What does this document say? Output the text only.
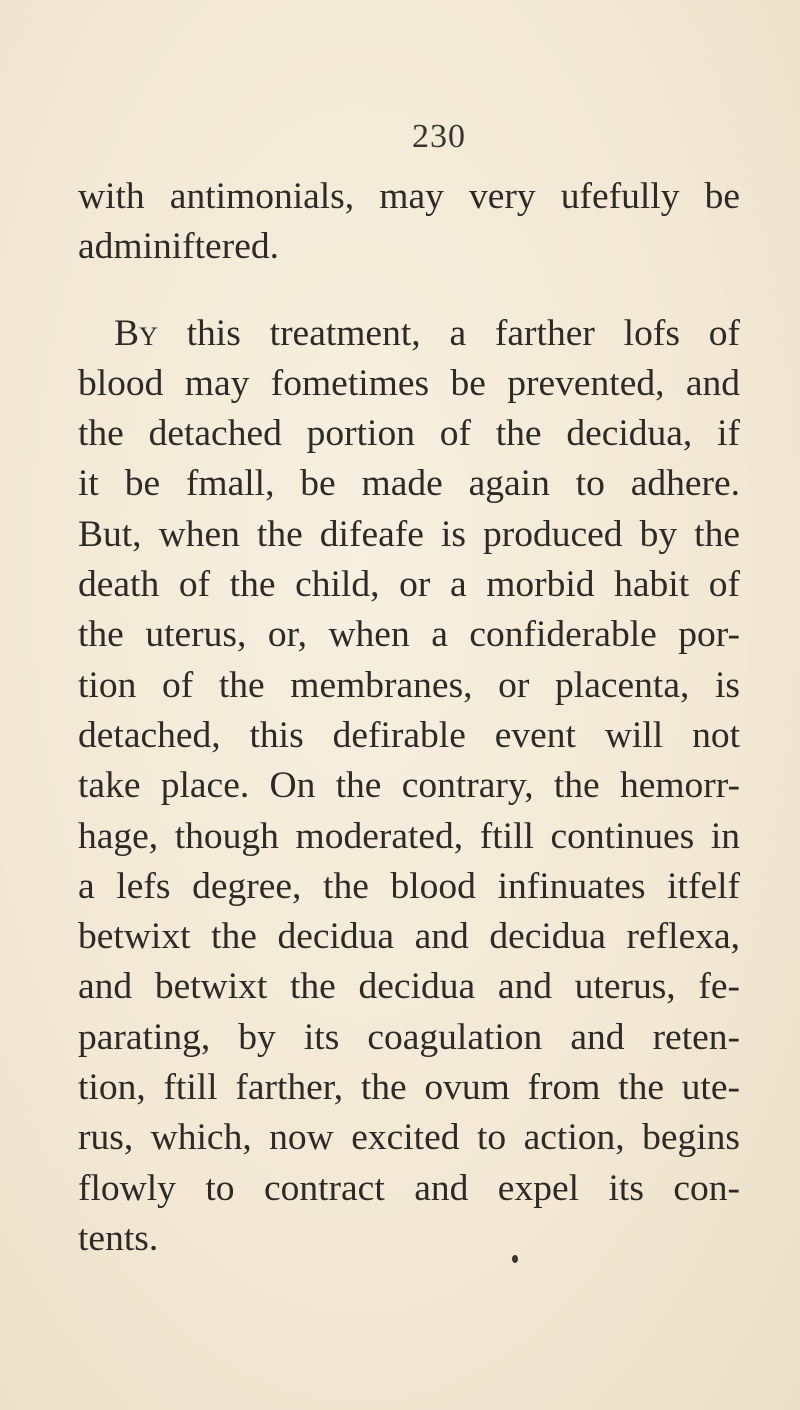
230
with antimonials, may very ufefully be
adminiftered.
By this treatment, a farther lofs of
blood may fometimes be prevented, and
the detached portion of the decidua, if
it be fmall, be made again to adhere.
But, when the difeafe is produced by the
death of the child, or a morbid habit of
the uterus, or, when a confiderable por-
tion of the membranes, or placenta, is
detached, this defirable event will not
take place. On the contrary, the hemorr-
hage, though moderated, ftill continues in
a lefs degree, the blood infinuates itfelf
betwixt the decidua and decidua reflexa,
and betwixt the decidua and uterus, fe-
parating, by its coagulation and reten-
tion, ftill farther, the ovum from the ute-
rus, which, now excited to action, begins
flowly to contract and expel its con-
tents.
